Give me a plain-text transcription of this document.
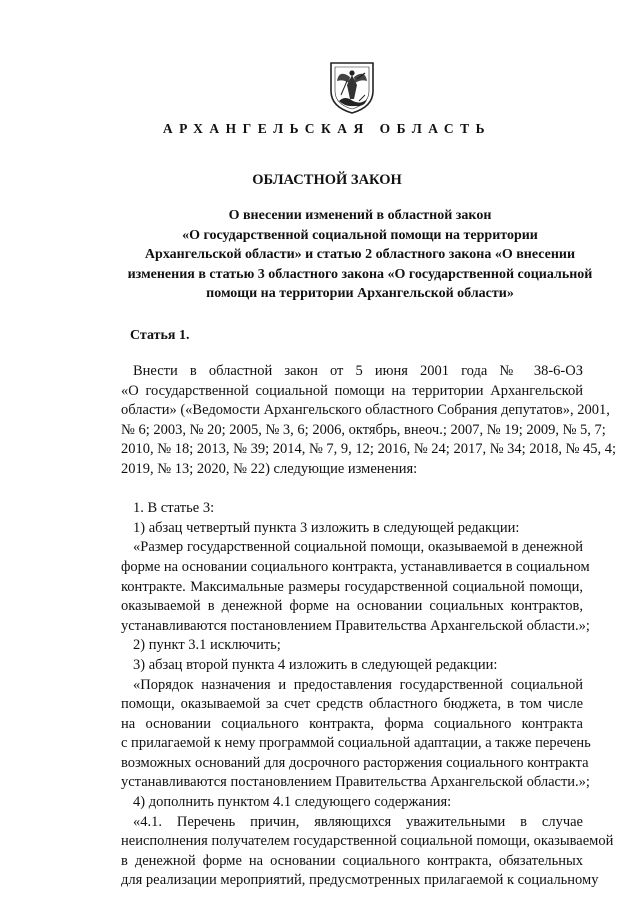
АРХАНГЕЛЬСКАЯ ОБЛАСТЬ
ОБЛАСТНОЙ ЗАКОН
О внесении изменений в областной закон
«О государственной социальной помощи на территории
Архангельской области» и статью 2 областного закона «О внесении
изменения в статью 3 областного закона «О государственной социальной
помощи на территории Архангельской области»
Статья 1.
Внести в областной закон от 5 июня 2001 года № 38-6-ОЗ
«О государственной социальной помощи на территории Архангельской
области» («Ведомости Архангельского областного Собрания депутатов», 2001,
№ 6; 2003, № 20; 2005, № 3, 6; 2006, октябрь, внеоч.; 2007, № 19; 2009, № 5, 7;
2010, № 18; 2013, № 39; 2014, № 7, 9, 12; 2016, № 24; 2017, № 34; 2018, № 45, 4;
2019, № 13; 2020, № 22) следующие изменения:
1. В статье 3:
1) абзац четвертый пункта 3 изложить в следующей редакции:
«Размер государственной социальной помощи, оказываемой в денежной
форме на основании социального контракта, устанавливается в социальном
контракте. Максимальные размеры государственной социальной помощи,
оказываемой в денежной форме на основании социальных контрактов,
устанавливаются постановлением Правительства Архангельской области.»;
2) пункт 3.1 исключить;
3) абзац второй пункта 4 изложить в следующей редакции:
«Порядок назначения и предоставления государственной социальной
помощи, оказываемой за счет средств областного бюджета, в том числе
на основании социального контракта, форма социального контракта
с прилагаемой к нему программой социальной адаптации, а также перечень
возможных оснований для досрочного расторжения социального контракта
устанавливаются постановлением Правительства Архангельской области.»;
4) дополнить пунктом 4.1 следующего содержания:
«4.1. Перечень причин, являющихся уважительными в случае
неисполнения получателем государственной социальной помощи, оказываемой
в денежной форме на основании социального контракта, обязательных
для реализации мероприятий, предусмотренных прилагаемой к социальному
